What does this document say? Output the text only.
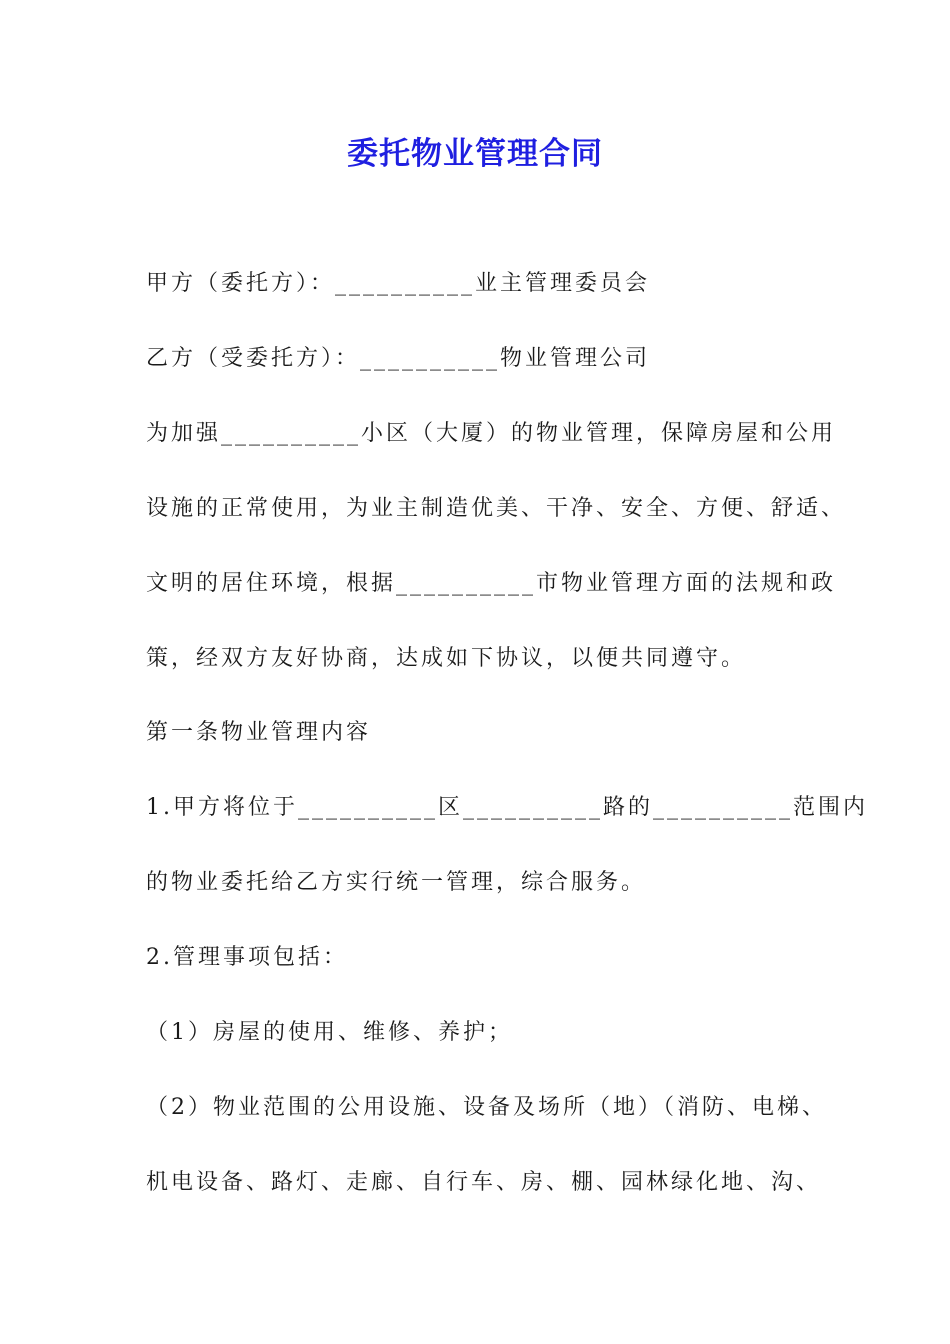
委托物业管理合同

甲方（委托方）：__________业主管理委员会

乙方（受委托方）：__________物业管理公司

为加强__________小区（大厦）的物业管理，保障房屋和公用

设施的正常使用，为业主制造优美、干净、安全、方便、舒适、

文明的居住环境，根据__________市物业管理方面的法规和政

策，经双方友好协商，达成如下协议，以便共同遵守。

第一条物业管理内容

1.甲方将位于__________区__________路的__________范围内

的物业委托给乙方实行统一管理，综合服务。

2.管理事项包括：

（1）房屋的使用、维修、养护；

（2）物业范围的公用设施、设备及场所（地）（消防、电梯、

机电设备、路灯、走廊、自行车、房、棚、园林绿化地、沟、
